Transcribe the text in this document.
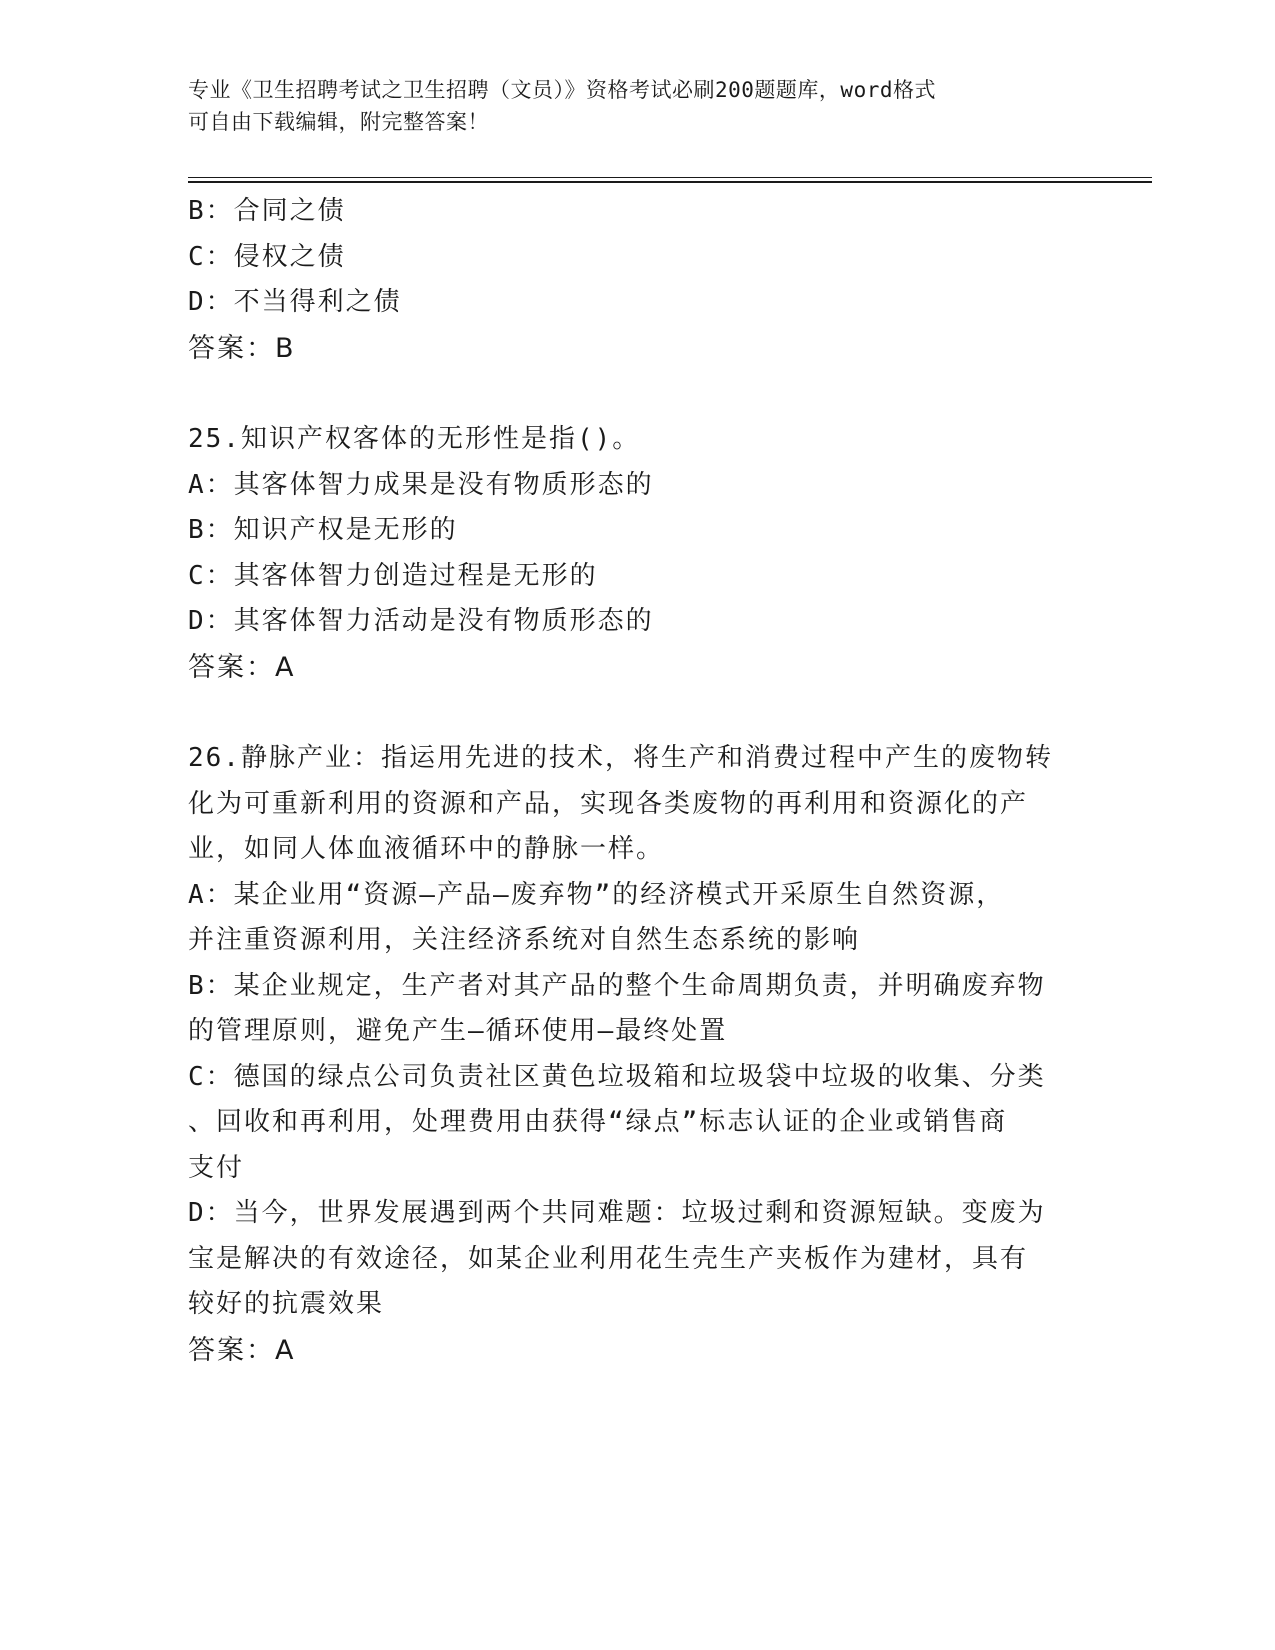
专业《卫生招聘考试之卫生招聘（文员）》资格考试必刷200题题库，word格式
可自由下载编辑，附完整答案！
B：合同之债
C：侵权之债
D：不当得利之债
答案：B
25.知识产权客体的无形性是指()。
A：其客体智力成果是没有物质形态的
B：知识产权是无形的
C：其客体智力创造过程是无形的
D：其客体智力活动是没有物质形态的
答案：A
26.静脉产业：指运用先进的技术，将生产和消费过程中产生的废物转
化为可重新利用的资源和产品，实现各类废物的再利用和资源化的产
业，如同人体血液循环中的静脉一样。
A：某企业用“资源—产品—废弃物”的经济模式开采原生自然资源，
并注重资源利用，关注经济系统对自然生态系统的影响
B：某企业规定，生产者对其产品的整个生命周期负责，并明确废弃物
的管理原则，避免产生—循环使用—最终处置
C：德国的绿点公司负责社区黄色垃圾箱和垃圾袋中垃圾的收集、分类
、回收和再利用，处理费用由获得“绿点”标志认证的企业或销售商
支付
D：当今，世界发展遇到两个共同难题：垃圾过剩和资源短缺。变废为
宝是解决的有效途径，如某企业利用花生壳生产夹板作为建材，具有
较好的抗震效果
答案：A
